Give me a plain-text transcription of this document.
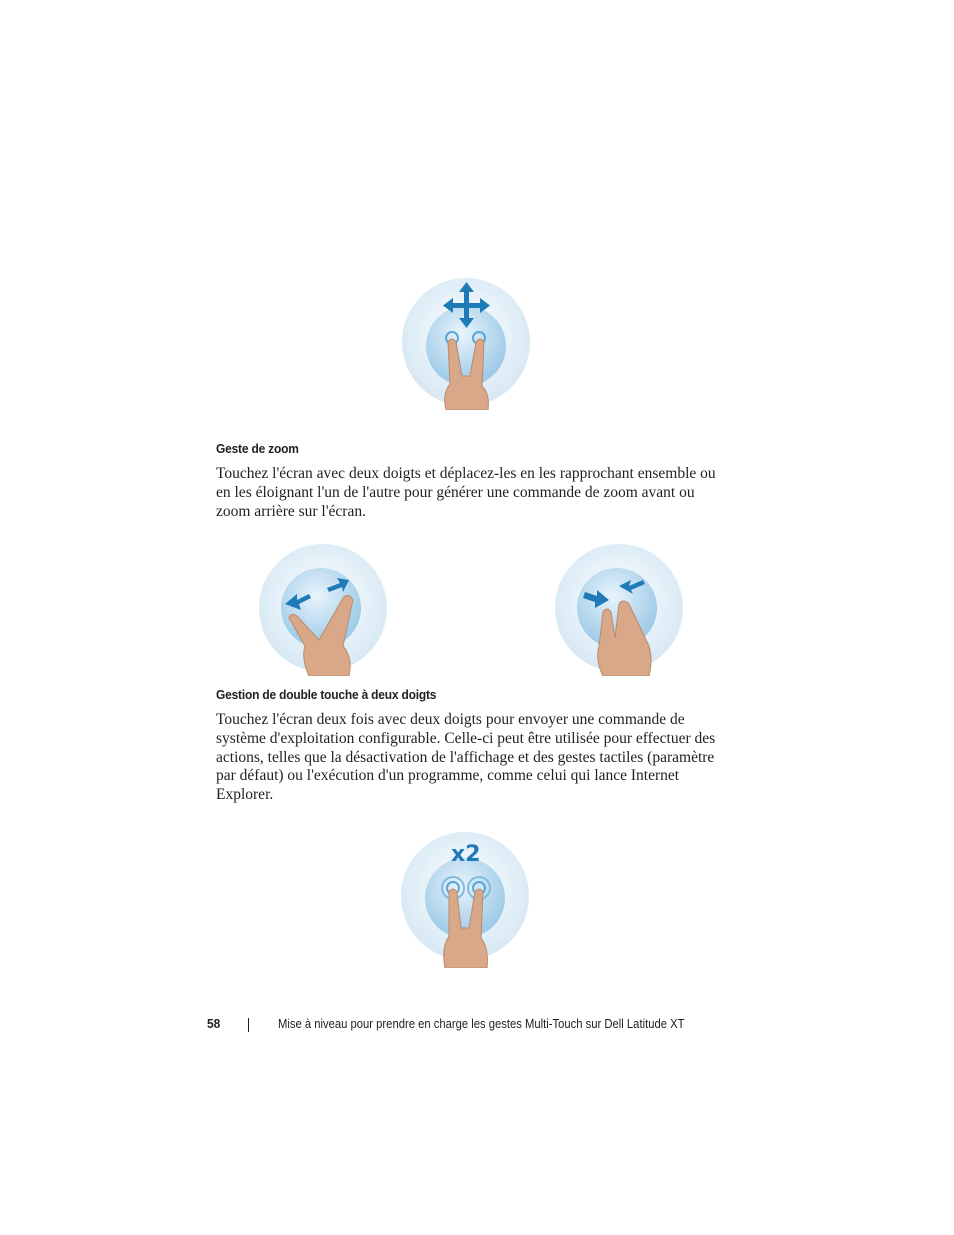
Geste de zoom

Touchez l'écran avec deux doigts et déplacez-les en les rapprochant ensemble ou en les éloignant l'un de l'autre pour générer une commande de zoom avant ou zoom arrière sur l'écran.

Gestion de double touche à deux doigts

Touchez l'écran deux fois avec deux doigts pour envoyer une commande de système d'exploitation configurable. Celle-ci peut être utilisée pour effectuer des actions, telles que la désactivation de l'affichage et des gestes tactiles (paramètre par défaut) ou l'exécution d'un programme, comme celui qui lance Internet Explorer.

x2
58	Mise à niveau pour prendre en charge les gestes Multi-Touch sur Dell Latitude XT
